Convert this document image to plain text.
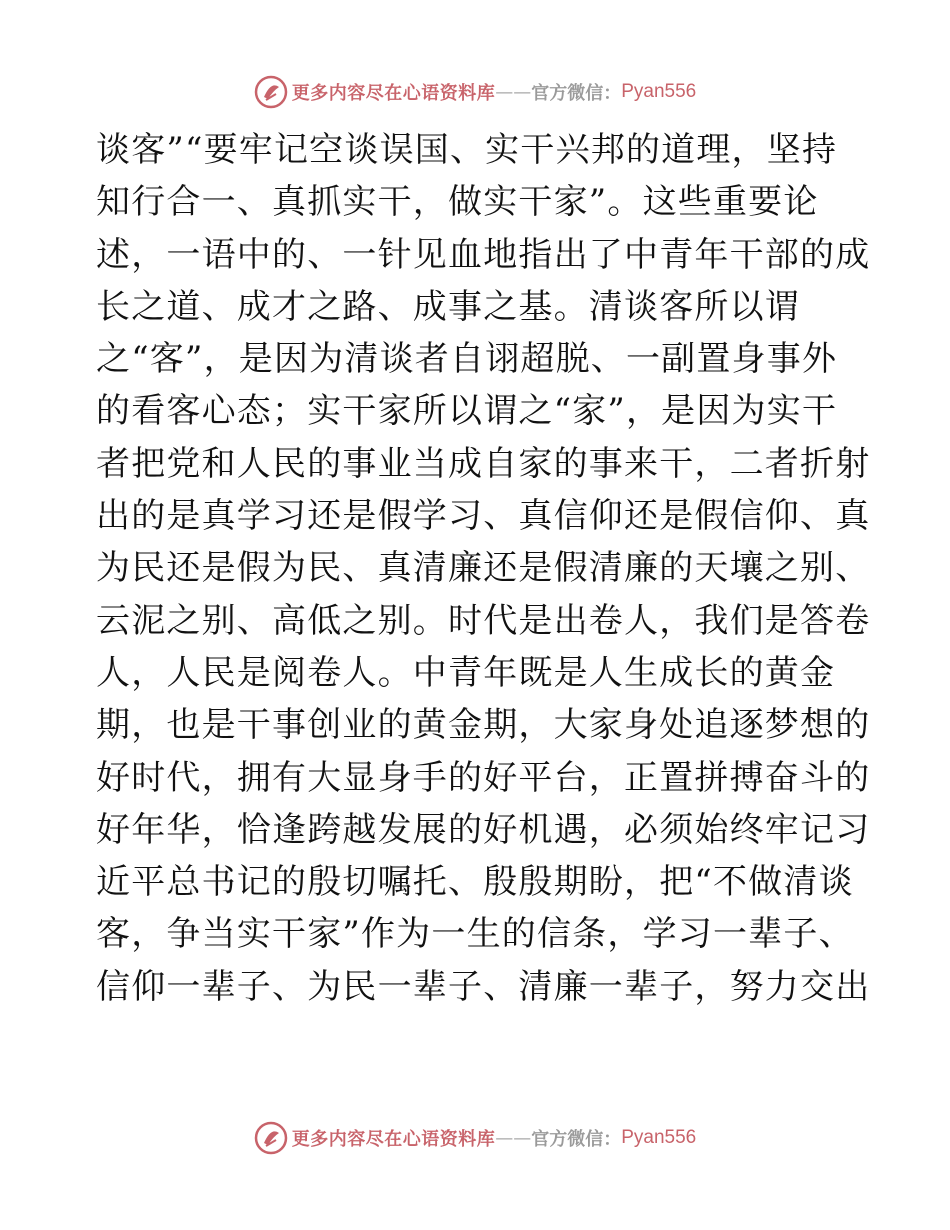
更多内容尽在心语资料库 —— 官方微信： Pyan556
谈客”“要牢记空谈误国、实干兴邦的道理，坚持
知行合一、真抓实干，做实干家”。这些重要论
述，一语中的、一针见血地指出了中青年干部的成
长之道、成才之路、成事之基。清谈客所以谓
之“客”，是因为清谈者自诩超脱、一副置身事外
的看客心态；实干家所以谓之“家”，是因为实干
者把党和人民的事业当成自家的事来干，二者折射
出的是真学习还是假学习、真信仰还是假信仰、真
为民还是假为民、真清廉还是假清廉的天壤之别、
云泥之别、高低之别。时代是出卷人，我们是答卷
人，人民是阅卷人。中青年既是人生成长的黄金
期，也是干事创业的黄金期，大家身处追逐梦想的
好时代，拥有大显身手的好平台，正置拼搏奋斗的
好年华，恰逢跨越发展的好机遇，必须始终牢记习
近平总书记的殷切嘱托、殷殷期盼，把“不做清谈
客，争当实干家”作为一生的信条，学习一辈子、
信仰一辈子、为民一辈子、清廉一辈子，努力交出
更多内容尽在心语资料库 —— 官方微信： Pyan556
